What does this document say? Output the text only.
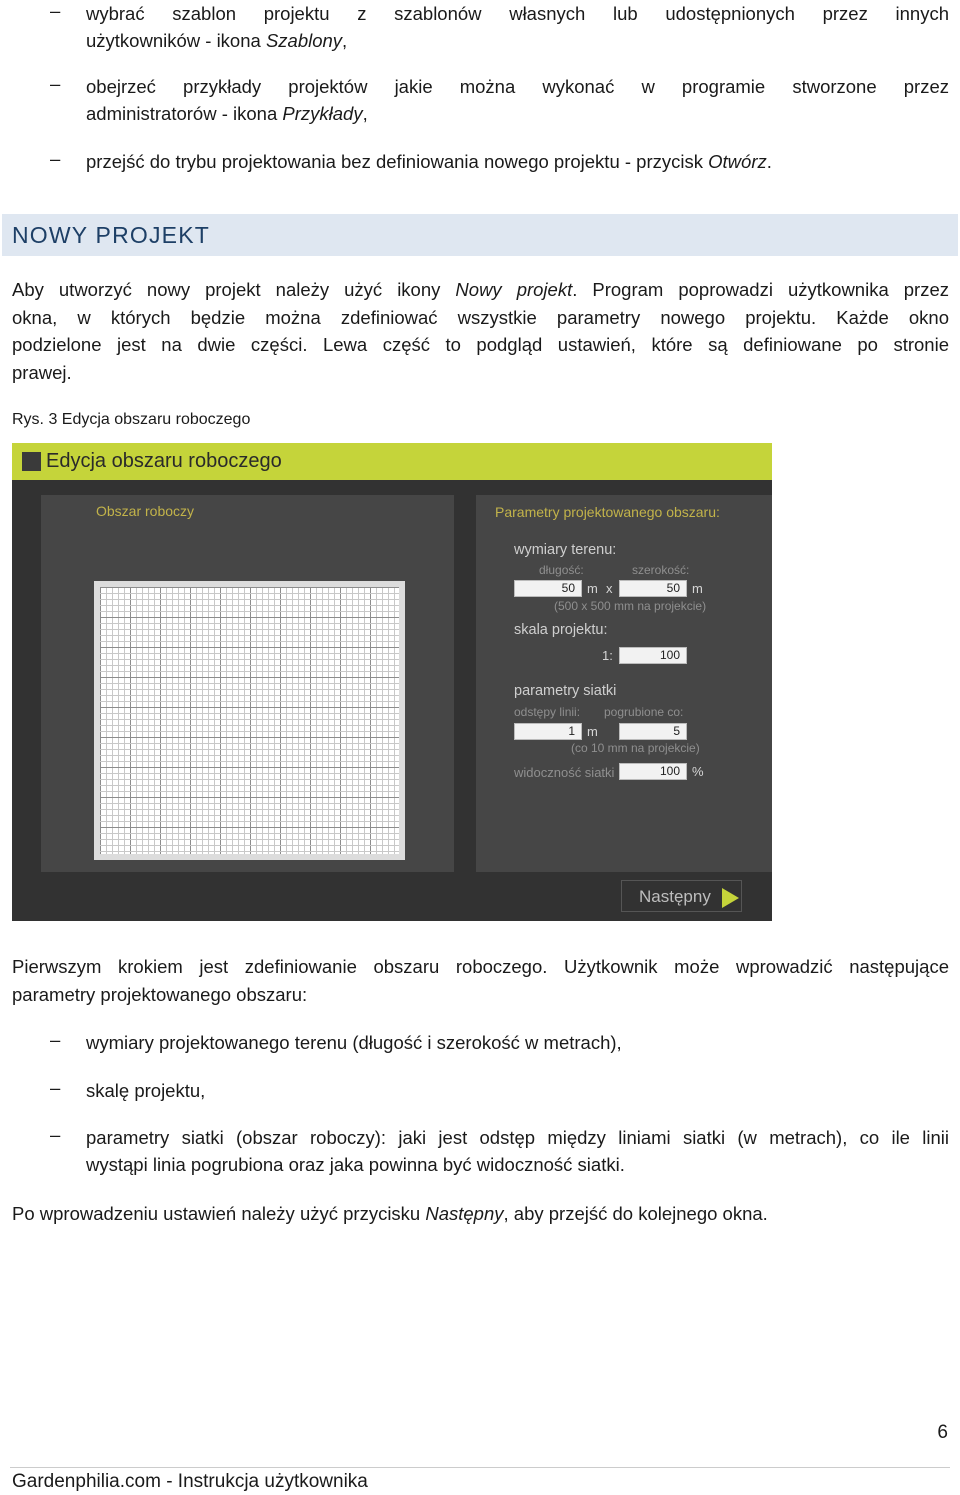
– wybrać szablon projektu z szablonów własnych lub udostępnionych przez innych
użytkowników - ikona Szablony,
– obejrzeć przykłady projektów jakie można wykonać w programie stworzone przez
administratorów - ikona Przykłady,
– przejść do trybu projektowania bez definiowania nowego projektu - przycisk Otwórz.
NOWY PROJEKT
Aby utworzyć nowy projekt należy użyć ikony Nowy projekt. Program poprowadzi użytkownika przez
okna, w których będzie można zdefiniować wszystkie parametry nowego projektu. Każde okno
podzielone jest na dwie części. Lewa część to podgląd ustawień, które są definiowane po stronie
prawej.
Rys. 3 Edycja obszaru roboczego
Edycja obszaru roboczego
Obszar roboczy	Parametry projektowanego obszaru:
wymiary terenu:
długość:	szerokość:
50 m x	50 m
(500 x 500 mm na projekcie)
skala projektu:
1:	100
parametry siatki
odstępy linii: pogrubione co:
1 m	5
(co 10 mm na projekcie)
widoczność siatki	100 %
Następny
Pierwszym krokiem jest zdefiniowanie obszaru roboczego. Użytkownik może wprowadzić następujące
parametry projektowanego obszaru:
– wymiary projektowanego terenu (długość i szerokość w metrach),
– skalę projektu,
– parametry siatki (obszar roboczy): jaki jest odstęp między liniami siatki (w metrach), co ile linii
wystąpi linia pogrubiona oraz jaka powinna być widoczność siatki.
Po wprowadzeniu ustawień należy użyć przycisku Następny, aby przejść do kolejnego okna.
6
Gardenphilia.com - Instrukcja użytkownika
